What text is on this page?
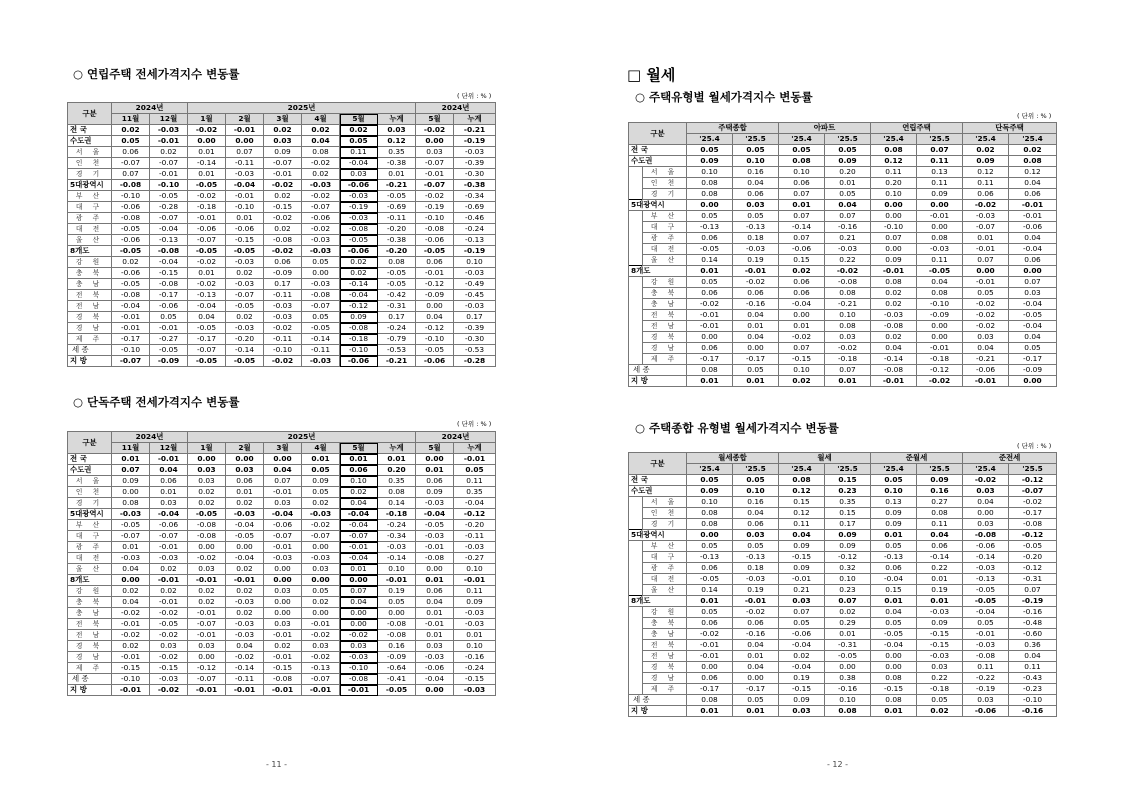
○ 연립주택 전세가격지수 변동률
( 단위 : % )
구분	2024년		2025년						2024년	
	11월	12월	1월	2월	3월	4월	5월	누계	5월	누계
전 국	0.02	-0.03	-0.02	-0.01	0.02	0.02	0.02	0.03	-0.02	-0.21
수도권	0.05	-0.01	0.00	0.00	0.03	0.04	0.05	0.12	0.00	-0.19
서 울	0.06	0.02	0.01	0.07	0.09	0.08	0.11	0.35	0.03	-0.03
인 천	-0.07	-0.07	-0.14	-0.11	-0.07	-0.02	-0.04	-0.38	-0.07	-0.39
경 기	0.07	-0.01	0.01	-0.03	-0.01	0.02	0.03	0.01	-0.01	-0.30
5대광역시	-0.08	-0.10	-0.05	-0.04	-0.02	-0.03	-0.06	-0.21	-0.07	-0.38
부 산	-0.10	-0.05	-0.02	-0.01	0.02	-0.02	-0.03	-0.05	-0.02	-0.34
대 구	-0.06	-0.28	-0.18	-0.10	-0.15	-0.07	-0.19	-0.69	-0.19	-0.69
광 주	-0.08	-0.07	-0.01	0.01	-0.02	-0.06	-0.03	-0.11	-0.10	-0.46
대 전	-0.05	-0.04	-0.06	-0.06	0.02	-0.02	-0.08	-0.20	-0.08	-0.24
울 산	-0.06	-0.13	-0.07	-0.15	-0.08	-0.03	-0.05	-0.38	-0.06	-0.13
8개도	-0.05	-0.08	-0.05	-0.05	-0.02	-0.03	-0.06	-0.20	-0.05	-0.19
강 원	0.02	-0.04	-0.02	-0.03	0.06	0.05	0.02	0.08	0.06	0.10
충 북	-0.06	-0.15	0.01	0.02	-0.09	0.00	0.02	-0.05	-0.01	-0.03
충 남	-0.05	-0.08	-0.02	-0.03	0.17	-0.03	-0.14	-0.05	-0.12	-0.49
전 북	-0.08	-0.17	-0.13	-0.07	-0.11	-0.08	-0.04	-0.42	-0.09	-0.45
전 남	-0.04	-0.06	-0.04	-0.05	-0.03	-0.07	-0.12	-0.31	0.00	-0.03
경 북	-0.01	0.05	0.04	0.02	-0.03	0.05	0.09	0.17	0.04	0.17
경 남	-0.01	-0.01	-0.05	-0.03	-0.02	-0.05	-0.08	-0.24	-0.12	-0.39
제 주	-0.17	-0.27	-0.17	-0.20	-0.11	-0.14	-0.18	-0.79	-0.10	-0.30
세 종	-0.10	-0.05	-0.07	-0.14	-0.10	-0.11	-0.10	-0.53	-0.05	-0.53
지 방	-0.07	-0.09	-0.05	-0.05	-0.02	-0.03	-0.06	-0.21	-0.06	-0.28
○ 단독주택 전세가격지수 변동률
( 단위 : % )
구분	2024년		2025년						2024년	
	11월	12월	1월	2월	3월	4월	5월	누계	5월	누계
전 국	0.01	-0.01	0.00	0.00	0.00	0.01	0.01	0.01	0.00	-0.01
수도권	0.07	0.04	0.03	0.03	0.04	0.05	0.06	0.20	0.01	0.05
서 울	0.09	0.06	0.03	0.06	0.07	0.09	0.10	0.35	0.06	0.11
인 천	0.00	0.01	0.02	0.01	-0.01	0.05	0.02	0.08	0.09	0.35
경 기	0.08	0.03	0.02	0.02	0.03	0.02	0.04	0.14	-0.03	-0.04
5대광역시	-0.03	-0.04	-0.05	-0.03	-0.04	-0.03	-0.04	-0.18	-0.04	-0.12
부 산	-0.05	-0.06	-0.08	-0.04	-0.06	-0.02	-0.04	-0.24	-0.05	-0.20
대 구	-0.07	-0.07	-0.08	-0.05	-0.07	-0.07	-0.07	-0.34	-0.03	-0.11
광 주	0.01	-0.01	0.00	0.00	-0.01	0.00	-0.01	-0.03	-0.01	-0.03
대 전	-0.03	-0.03	-0.02	-0.04	-0.03	-0.03	-0.04	-0.14	-0.08	-0.27
울 산	0.04	0.02	0.03	0.02	0.00	0.03	0.01	0.10	0.00	0.10
8개도	0.00	-0.01	-0.01	-0.01	0.00	0.00	0.00	-0.01	0.01	-0.01
강 원	0.02	0.02	0.02	0.02	0.03	0.05	0.07	0.19	0.06	0.11
충 북	0.04	-0.01	0.02	-0.03	0.00	0.02	0.04	0.05	0.04	0.09
충 남	-0.02	-0.02	-0.01	0.02	0.00	0.00	0.00	0.00	0.01	-0.03
전 북	-0.01	-0.05	-0.07	-0.03	0.03	-0.01	0.00	-0.08	-0.01	-0.03
전 남	-0.02	-0.02	-0.01	-0.03	-0.01	-0.02	-0.02	-0.08	0.01	0.01
경 북	0.02	0.03	0.03	0.04	0.02	0.03	0.03	0.16	0.03	0.10
경 남	-0.01	-0.02	0.00	-0.02	-0.01	-0.02	-0.03	-0.09	-0.03	-0.16
제 주	-0.15	-0.15	-0.12	-0.14	-0.15	-0.13	-0.10	-0.64	-0.06	-0.24
세 종	-0.10	-0.03	-0.07	-0.11	-0.08	-0.07	-0.08	-0.41	-0.04	-0.15
지 방	-0.01	-0.02	-0.01	-0.01	-0.01	-0.01	-0.01	-0.05	0.00	-0.03
- 11 -
□ 월세
○ 주택유형별 월세가격지수 변동률
( 단위 : % )
구분		주택종합		아파트		연립주택		단독주택	
		'25.4	'25.5	'25.4	'25.5	'25.4	'25.5	'25.4	'25.4
전 국		0.05	0.05	0.05	0.05	0.08	0.07	0.02	0.02
수도권		0.09	0.10	0.08	0.09	0.12	0.11	0.09	0.08
	서 울	0.10	0.16	0.10	0.20	0.11	0.13	0.12	0.12
	인 천	0.08	0.04	0.06	0.01	0.20	0.11	0.11	0.04
	경 기	0.08	0.06	0.07	0.05	0.10	0.09	0.06	0.06
5대광역시		0.00	0.03	0.01	0.04	0.00	0.00	-0.02	-0.01
	부 산	0.05	0.05	0.07	0.07	0.00	-0.01	-0.03	-0.01
	대 구	-0.13	-0.13	-0.14	-0.16	-0.10	0.00	-0.07	-0.06
	광 주	0.06	0.18	0.07	0.21	0.07	0.08	0.01	0.04
	대 전	-0.05	-0.03	-0.06	-0.03	0.00	-0.03	-0.01	-0.04
	울 산	0.14	0.19	0.15	0.22	0.09	0.11	0.07	0.06
8개도		0.01	-0.01	0.02	-0.02	-0.01	-0.05	0.00	0.00
	강 원	0.05	-0.02	0.06	-0.08	0.08	0.04	-0.01	0.07
	충 북	0.06	0.06	0.06	0.08	0.02	0.08	0.05	0.03
	충 남	-0.02	-0.16	-0.04	-0.21	0.02	-0.10	-0.02	-0.04
	전 북	-0.01	0.04	0.00	0.10	-0.03	-0.09	-0.02	-0.05
	전 남	-0.01	0.01	0.01	0.08	-0.08	0.00	-0.02	-0.04
	경 북	0.00	0.04	-0.02	0.03	0.02	0.00	0.03	0.04
	경 남	0.06	0.00	0.07	-0.02	0.04	-0.01	0.04	0.05
	제 주	-0.17	-0.17	-0.15	-0.18	-0.14	-0.18	-0.21	-0.17
세 종		0.08	0.05	0.10	0.07	-0.08	-0.12	-0.06	-0.09
지 방		0.01	0.01	0.02	0.01	-0.01	-0.02	-0.01	0.00
○ 주택종합 유형별 월세가격지수 변동률
( 단위 : % )
구분		월세종합		월세		준월세		준전세	
		'25.4	'25.5	'25.4	'25.5	'25.4	'25.5	'25.4	'25.5
전 국		0.05	0.05	0.08	0.15	0.05	0.09	-0.02	-0.12
수도권		0.09	0.10	0.12	0.23	0.10	0.16	0.03	-0.07
	서 울	0.10	0.16	0.15	0.35	0.13	0.27	0.04	-0.02
	인 천	0.08	0.04	0.12	0.15	0.09	0.08	0.00	-0.17
	경 기	0.08	0.06	0.11	0.17	0.09	0.11	0.03	-0.08
5대광역시		0.00	0.03	0.04	0.09	0.01	0.04	-0.08	-0.12
	부 산	0.05	0.05	0.09	0.09	0.05	0.06	-0.06	-0.05
	대 구	-0.13	-0.13	-0.15	-0.12	-0.13	-0.14	-0.14	-0.20
	광 주	0.06	0.18	0.09	0.32	0.06	0.22	-0.03	-0.12
	대 전	-0.05	-0.03	-0.01	0.10	-0.04	0.01	-0.13	-0.31
	울 산	0.14	0.19	0.21	0.23	0.15	0.19	-0.05	0.07
8개도		0.01	-0.01	0.03	0.07	0.01	0.01	-0.05	-0.19
	강 원	0.05	-0.02	0.07	0.02	0.04	-0.03	-0.04	-0.16
	충 북	0.06	0.06	0.05	0.29	0.05	0.09	0.05	-0.48
	충 남	-0.02	-0.16	-0.06	0.01	-0.05	-0.15	-0.01	-0.60
	전 북	-0.01	0.04	-0.04	-0.31	-0.04	-0.15	-0.03	0.36
	전 남	-0.01	0.01	0.02	-0.05	0.00	-0.03	-0.08	0.04
	경 북	0.00	0.04	-0.04	0.00	0.00	0.03	0.11	0.11
	경 남	0.06	0.00	0.19	0.38	0.08	0.22	-0.22	-0.43
	제 주	-0.17	-0.17	-0.15	-0.16	-0.15	-0.18	-0.19	-0.23
세 종		0.08	0.05	0.09	0.10	0.08	0.05	0.03	-0.10
지 방		0.01	0.01	0.03	0.08	0.01	0.02	-0.06	-0.16
- 12 -
